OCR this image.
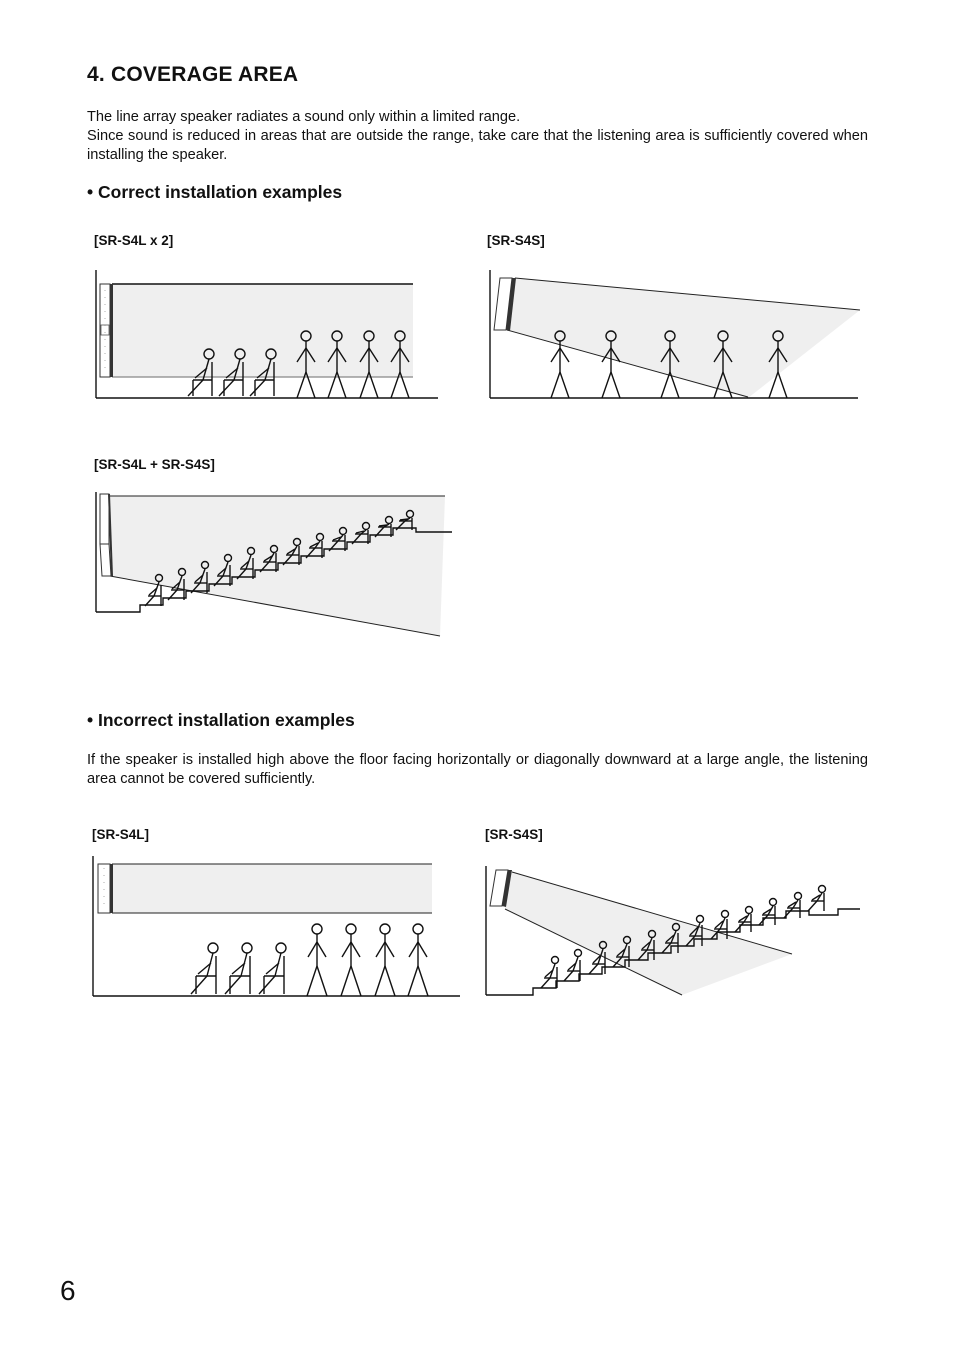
4. COVERAGE AREA

The line array speaker radiates a sound only within a limited range.

Since sound is reduced in areas that are outside the range, take care that the listening area is sufficiently covered when installing the speaker.

• Correct installation examples
[SR-S4L x 2]	[SR-S4S]
[SR-S4L + SR-S4S]
• Incorrect installation examples
If the speaker is installed high above the floor facing horizontally or diagonally downward at a large angle, the listening area cannot be covered sufficiently.
[SR-S4L]	[SR-S4S]
6
